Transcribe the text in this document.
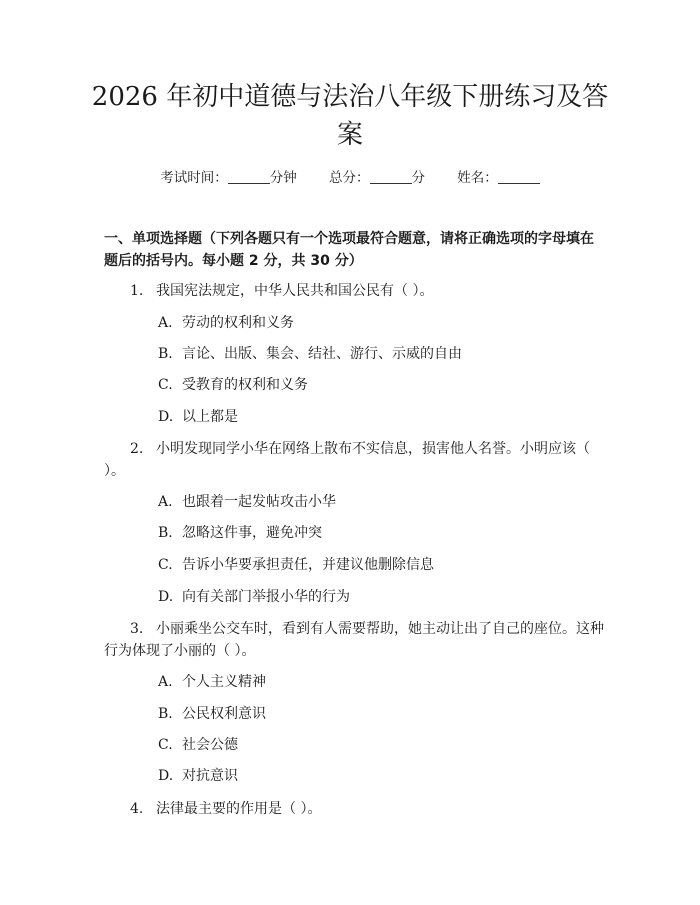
2026 年初中道德与法治八年级下册练习及答案
考试时间：	分钟 总分：	分 姓名：
一、单项选择题（下列各题只有一个选项最符合题意，请将正确选项的字母填在题后的括号内。每小题 2 分，共 30 分）
1. 我国宪法规定，中华人民共和国公民有（ ）。
A. 劳动的权利和义务
B. 言论、出版、集会、结社、游行、示威的自由
C. 受教育的权利和义务
D. 以上都是
2. 小明发现同学小华在网络上散布不实信息，损害他人名誉。小明应该（ ）。
A. 也跟着一起发帖攻击小华
B. 忽略这件事，避免冲突
C. 告诉小华要承担责任，并建议他删除信息
D. 向有关部门举报小华的行为
3. 小丽乘坐公交车时，看到有人需要帮助，她主动让出了自己的座位。这种行为体现了小丽的（ ）。
A. 个人主义精神
B. 公民权利意识
C. 社会公德
D. 对抗意识
4. 法律最主要的作用是（ ）。
